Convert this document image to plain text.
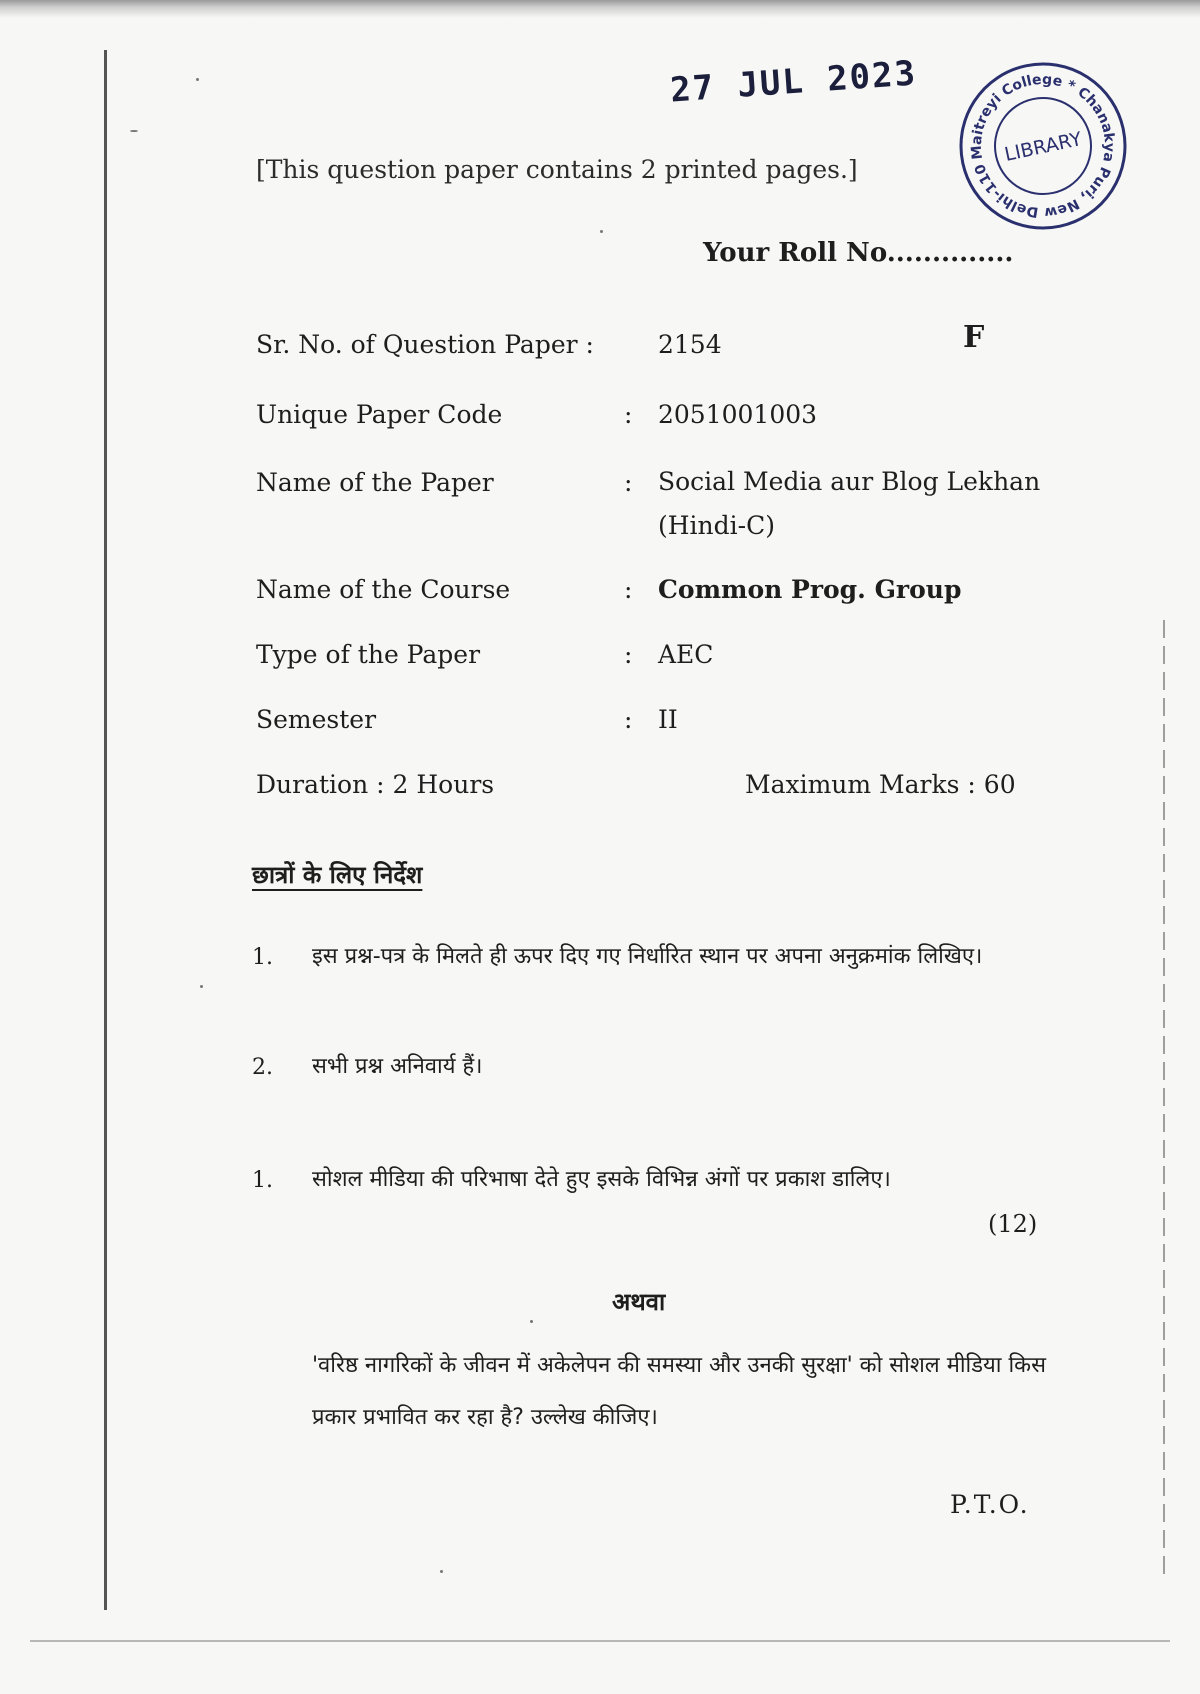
27 JUL 2023
Maitreyi College * Chanakya Puri, New Delhi-110021
LIBRARY
[This question paper contains 2 printed pages.]
Your Roll No..............
F
Sr. No. of Question Paper :	2154
Unique Paper Code	: 2051001003
Name of the Paper	: Social Media aur Blog Lekhan (Hindi-C)
Name of the Course	: Common Prog. Group
Type of the Paper	: AEC
Semester	: II
Duration : 2 Hours	Maximum Marks : 60
छात्रों के लिए निर्देश
1. इस प्रश्न-पत्र के मिलते ही ऊपर दिए गए निर्धारित स्थान पर अपना अनुक्रमांक लिखिए।
2. सभी प्रश्न अनिवार्य हैं।
1. सोशल मीडिया की परिभाषा देते हुए इसके विभिन्न अंगों पर प्रकाश डालिए।
(12)
अथवा
'वरिष्ठ नागरिकों के जीवन में अकेलेपन की समस्या और उनकी सुरक्षा' को सोशल मीडिया किस प्रकार प्रभावित कर रहा है? उल्लेख कीजिए।
P.T.O.
